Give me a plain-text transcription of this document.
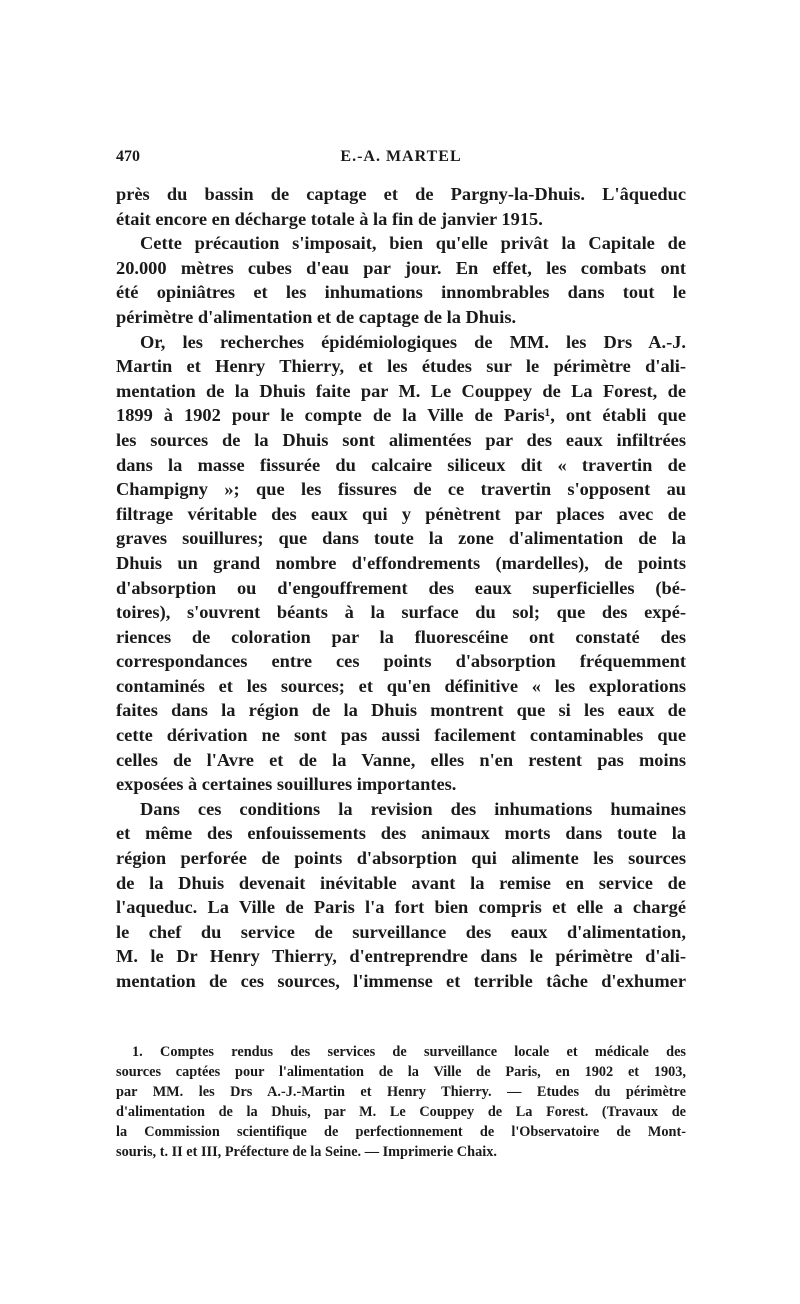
470	E.-A. MARTEL
près du bassin de captage et de Pargny-la-Dhuis. L'âqueduc
était encore en décharge totale à la fin de janvier 1915.
Cette précaution s'imposait, bien qu'elle privât la Capitale de
20.000 mètres cubes d'eau par jour. En effet, les combats ont
été opiniâtres et les inhumations innombrables dans tout le
périmètre d'alimentation et de captage de la Dhuis.
Or, les recherches épidémiologiques de MM. les Drs A.-J.
Martin et Henry Thierry, et les études sur le périmètre d'ali-
mentation de la Dhuis faite par M. Le Couppey de La Forest, de
1899 à 1902 pour le compte de la Ville de Paris¹, ont établi que
les sources de la Dhuis sont alimentées par des eaux infiltrées
dans la masse fissurée du calcaire siliceux dit « travertin de
Champigny »; que les fissures de ce travertin s'opposent au
filtrage véritable des eaux qui y pénètrent par places avec de
graves souillures; que dans toute la zone d'alimentation de la
Dhuis un grand nombre d'effondrements (mardelles), de points
d'absorption ou d'engouffrement des eaux superficielles (bé-
toires), s'ouvrent béants à la surface du sol; que des expé-
riences de coloration par la fluorescéine ont constaté des
correspondances entre ces points d'absorption fréquemment
contaminés et les sources; et qu'en définitive « les explorations
faites dans la région de la Dhuis montrent que si les eaux de
cette dérivation ne sont pas aussi facilement contaminables que
celles de l'Avre et de la Vanne, elles n'en restent pas moins
exposées à certaines souillures importantes.
Dans ces conditions la revision des inhumations humaines
et même des enfouissements des animaux morts dans toute la
région perforée de points d'absorption qui alimente les sources
de la Dhuis devenait inévitable avant la remise en service de
l'aqueduc. La Ville de Paris l'a fort bien compris et elle a chargé
le chef du service de surveillance des eaux d'alimentation,
M. le Dr Henry Thierry, d'entreprendre dans le périmètre d'ali-
mentation de ces sources, l'immense et terrible tâche d'exhumer
1. Comptes rendus des services de surveillance locale et médicale des
sources captées pour l'alimentation de la Ville de Paris, en 1902 et 1903,
par MM. les Drs A.-J.-Martin et Henry Thierry. — Etudes du périmètre
d'alimentation de la Dhuis, par M. Le Couppey de La Forest. (Travaux de
la Commission scientifique de perfectionnement de l'Observatoire de Mont-
souris, t. II et III, Préfecture de la Seine. — Imprimerie Chaix.
